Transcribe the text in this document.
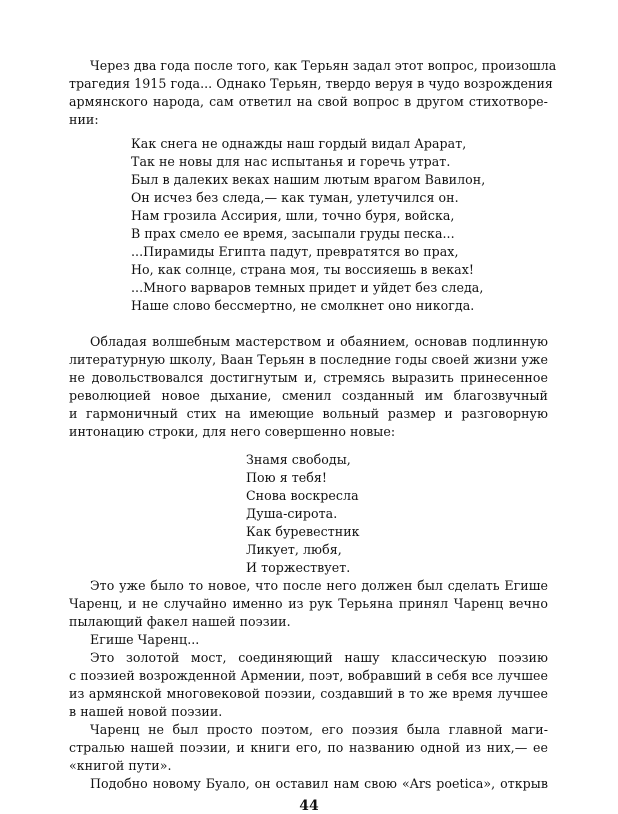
Через два года после того, как Терьян задал этот вопрос, произошла
трагедия 1915 года... Однако Терьян, твердо веруя в чудо возрождения
армянского народа, сам ответил на свой вопрос в другом стихотворе-
нии:
Как снега не однажды наш гордый видал Арарат,
Так не новы для нас испытанья и горечь утрат.
Был в далеких веках нашим лютым врагом Вавилон,
Он исчез без следа,— как туман, улетучился он.
Нам грозила Ассирия, шли, точно буря, войска,
В прах смело ее время, засыпали груды песка...
...Пирамиды Египта падут, превратятся во прах,
Но, как солнце, страна моя, ты воссияешь в веках!
...Много варваров темных придет и уйдет без следа,
Наше слово бессмертно, не смолкнет оно никогда.
Обладая волшебным мастерством и обаянием, основав подлинную
литературную школу, Ваан Терьян в последние годы своей жизни уже
не довольствовался достигнутым и, стремясь выразить принесенное
революцией новое дыхание, сменил созданный им благозвучный
и гармоничный стих на имеющие вольный размер и разговорную
интонацию строки, для него совершенно новые:
Знамя свободы,
Пою я тебя!
Снова воскресла
Душа-сирота.
Как буревестник
Ликует, любя,
И торжествует.
Это уже было то новое, что после него должен был сделать Егише
Чаренц, и не случайно именно из рук Терьяна принял Чаренц вечно
пылающий факел нашей поэзии.
Егише Чаренц...
Это золотой мост, соединяющий нашу классическую поэзию
с поэзией возрожденной Армении, поэт, вобравший в себя все лучшее
из армянской многовековой поэзии, создавший в то же время лучшее
в нашей новой поэзии.
Чаренц не был просто поэтом, его поэзия была главной маги-
44
стралью нашей поэзии, и книги его, по названию одной из них,— ее
«книгой пути».
Подобно новому Буало, он оставил нам свою «Ars poetica», открыв
